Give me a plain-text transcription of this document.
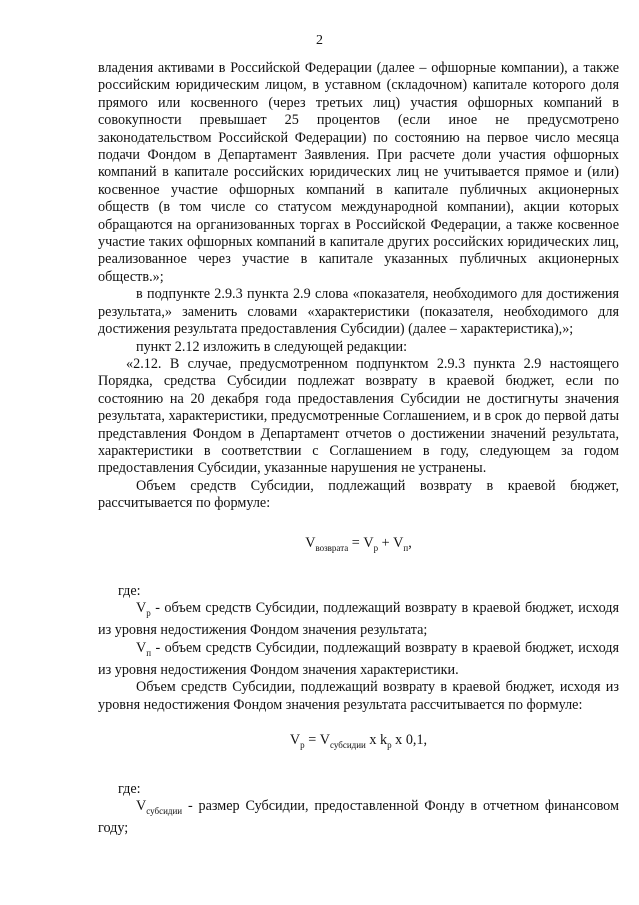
2

владения активами в Российской Федерации (далее – офшорные компании), а также российским юридическим лицом, в уставном (складочном) капитале которого доля прямого или косвенного (через третьих лиц) участия офшорных компаний в совокупности превышает 25 процентов (если иное не предусмотрено законодательством Российской Федерации) по состоянию на первое число месяца подачи Фондом в Департамент Заявления. При расчете доли участия офшорных компаний в капитале российских юридических лиц не учитывается прямое и (или) косвенное участие офшорных компаний в капитале публичных акционерных обществ (в том числе со статусом международной компании), акции которых обращаются на организованных торгах в Российской Федерации, а также косвенное участие таких офшорных компаний в капитале других российских юридических лиц, реализованное через участие в капитале указанных публичных акционерных обществ.»;

в подпункте 2.9.3 пункта 2.9 слова «показателя, необходимого для достижения результата,» заменить словами «характеристики (показателя, необходимого для достижения результата предоставления Субсидии) (далее – характеристика),»;

пункт 2.12 изложить в следующей редакции:

«2.12. В случае, предусмотренном подпунктом 2.9.3 пункта 2.9 настоящего Порядка, средства Субсидии подлежат возврату в краевой бюджет, если по состоянию на 20 декабря года предоставления Субсидии не достигнуты значения результата, характеристики, предусмотренные Соглашением, и в срок до первой даты представления Фондом в Департамент отчетов о достижении значений результата, характеристики в соответствии с Соглашением в году, следующем за годом предоставления Субсидии, указанные нарушения не устранены.

Объем средств Субсидии, подлежащий возврату в краевой бюджет, рассчитывается по формуле:

$V_{возврата} = V_р + V_п$,

где:

$V_р$ - объем средств Субсидии, подлежащий возврату в краевой бюджет, исходя из уровня недостижения Фондом значения результата;

$V_п$ - объем средств Субсидии, подлежащий возврату в краевой бюджет, исходя из уровня недостижения Фондом значения характеристики.

Объем средств Субсидии, подлежащий возврату в краевой бюджет, исходя из уровня недостижения Фондом значения результата рассчитывается по формуле:

$V_р = V_{субсидии}$ x $k_р$ x 0,1,

где:

$V_{субсидии}$ - размер Субсидии, предоставленной Фонду в отчетном финансовом году;
